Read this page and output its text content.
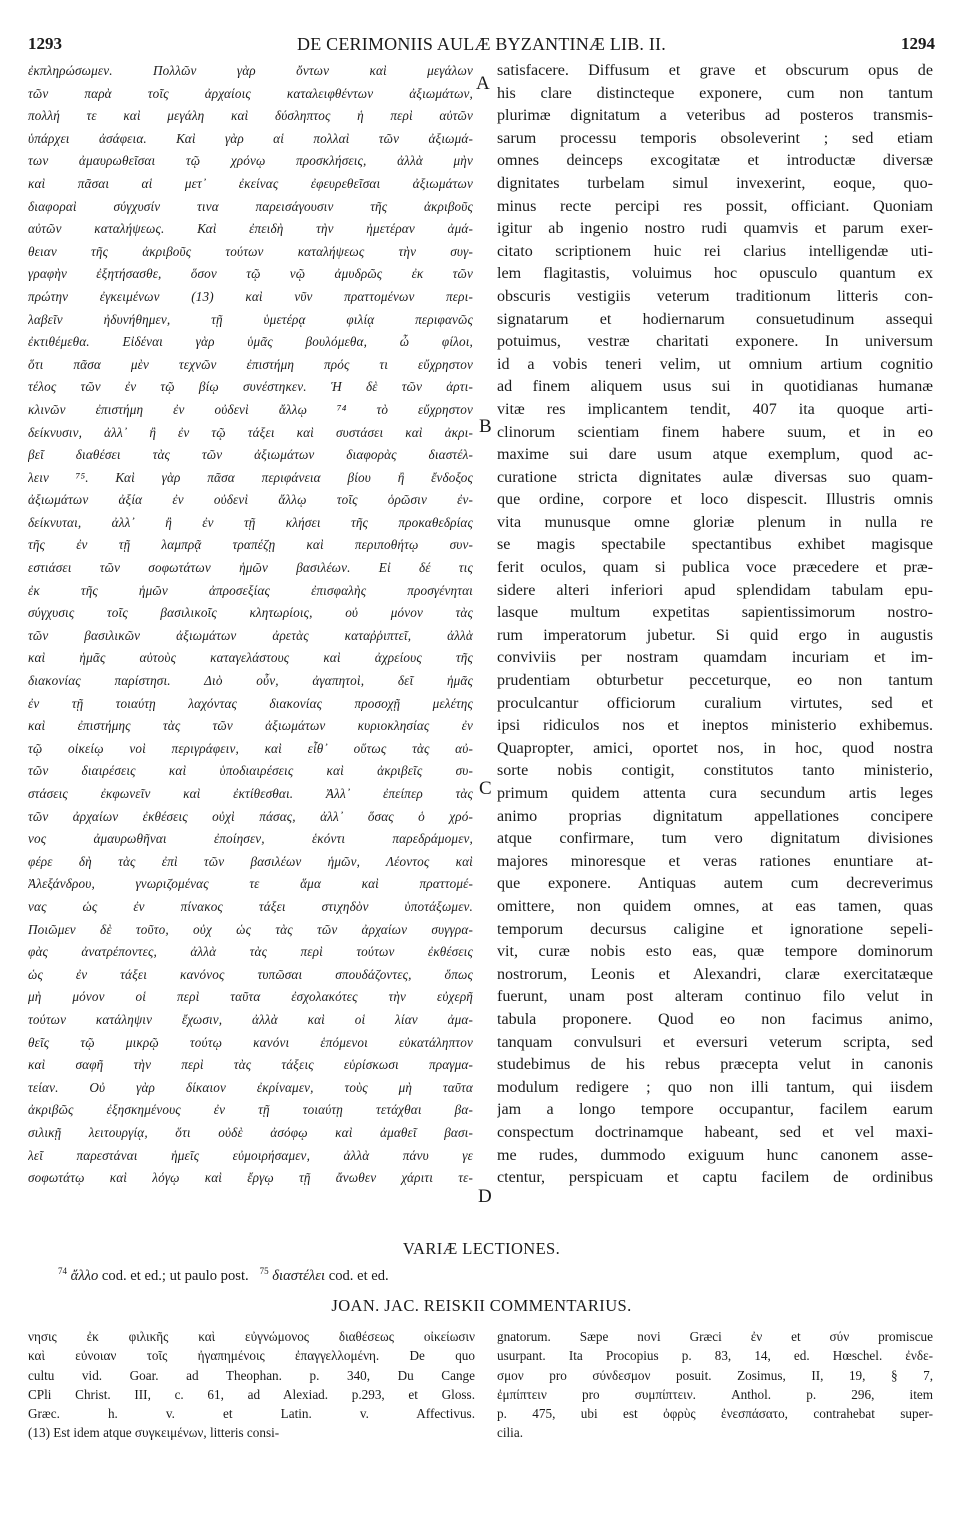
1293	DE CERIMONIIS AULÆ BYZANTINÆ LIB. II.	1294
ἐκπληρώσωμεν. Πολλῶν γὰρ ὄντων καὶ μεγάλων
τῶν παρὰ τοῖς ἀρχαίοις καταλειφθέντων ἀξιωμάτων,
πολλή τε καὶ μεγάλη καὶ δύσληπτος ἡ περὶ αὐτῶν
ὑπάρχει ἀσάφεια. Καὶ γὰρ αἱ πολλαὶ τῶν ἀξιωμά-
των ἀμαυρωθεῖσαι τῷ χρόνῳ προσκλήσεις, ἀλλὰ μὴν
καὶ πᾶσαι αἱ μετ᾽ ἐκείνας ἐφευρεθεῖσαι ἀξιωμάτων
διαφοραὶ σύγχυσίν τινα παρεισάγουσιν τῆς ἀκριβοῦς
αὐτῶν καταλήψεως. Καὶ ἐπειδὴ τὴν ἡμετέραν ἀμά-
θειαν τῆς ἀκριβοῦς τούτων καταλήψεως τὴν συγ-
γραφὴν ἐξητήσασθε, ὅσον τῷ νῷ ἀμυδρῶς ἐκ τῶν
πρώτην ἐγκειμένων (13) καὶ νῦν πραττομένων περι-
λαβεῖν ἠδυνήθημεν, τῇ ὑμετέρᾳ φιλίᾳ περιφανῶς
ἐκτιθέμεθα. Εἰδέναι γὰρ ὑμᾶς βουλόμεθα, ὦ φίλοι,
ὅτι πᾶσα μὲν τεχνῶν ἐπιστήμη πρός τι εὔχρηστον
τέλος τῶν ἐν τῷ βίῳ συνέστηκεν. Ἡ δὲ τῶν ἀρτι-
κλινῶν ἐπιστήμη ἐν οὐδενὶ ἄλλῳ ⁷⁴ τὸ εὔχρηστον
δείκνυσιν, ἀλλ᾽ ἢ ἐν τῷ τάξει καὶ συστάσει καὶ ἀκρι-
βεῖ διαθέσει τὰς τῶν ἀξιωμάτων διαφορὰς διαστέλ-
λειν ⁷⁵. Καὶ γὰρ πᾶσα περιφάνεια βίου ἢ ἔνδοξος
ἀξιωμάτων ἀξία ἐν οὐδενὶ ἄλλῳ τοῖς ὁρῶσιν ἐν-
δείκνυται, ἀλλ᾽ ἢ ἐν τῇ κλήσει τῆς προκαθεδρίας
τῆς ἐν τῇ λαμπρᾷ τραπέζῃ καὶ περιποθήτῳ συν-
εστιάσει τῶν σοφωτάτων ἡμῶν βασιλέων. Εἰ δέ τις
ἐκ τῆς ἡμῶν ἀπροσεξίας ἐπισφαλὴς προσγένηται
σύγχυσις τοῖς βασιλικοῖς κλητωρίοις, οὐ μόνον τὰς
τῶν βασιλικῶν ἀξιωμάτων ἀρετὰς καταῤῥιπτεῖ, ἀλλὰ
καὶ ἡμᾶς αὐτοὺς καταγελάστους καὶ ἀχρείους τῆς
διακονίας παρίστησι. Διὸ οὖν, ἀγαπητοὶ, δεῖ ἡμᾶς
ἐν τῇ τοιαύτῃ λαχόντας διακονίας προσοχῇ μελέτης
καὶ ἐπιστήμης τὰς τῶν ἀξιωμάτων κυριοκλησίας ἐν
τῷ οἰκείῳ νοὶ περιγράφειν, καὶ εἶθ᾽ οὕτως τὰς αὐ-
τῶν διαιρέσεις καὶ ὑποδιαιρέσεις καὶ ἀκριβεῖς συ-
στάσεις ἐκφωνεῖν καὶ ἐκτίθεσθαι. Ἀλλ᾽ ἐπείπερ τὰς
τῶν ἀρχαίων ἐκθέσεις οὐχὶ πάσας, ἀλλ᾽ ὅσας ὁ χρό-
νος ἀμαυρωθῆναι ἐποίησεν, ἑκόντι παρεδράμομεν,
φέρε δὴ τὰς ἐπὶ τῶν βασιλέων ἡμῶν, Λέοντος καὶ
Ἀλεξάνδρου, γνωριζομένας τε ἅμα καὶ πραττομέ-
νας ὡς ἐν πίνακος τάξει στιχηδὸν ὑποτάξωμεν.
Ποιῶμεν δὲ τοῦτο, οὐχ ὡς τὰς τῶν ἀρχαίων συγγρα-
φὰς ἀνατρέποντες, ἀλλὰ τὰς περὶ τούτων ἐκθέσεις
ὡς ἐν τάξει κανόνος τυπῶσαι σπουδάζοντες, ὅπως
μὴ μόνον οἱ περὶ ταῦτα ἐσχολακότες τὴν εὐχερῆ
τούτων κατάληψιν ἔχωσιν, ἀλλὰ καὶ οἱ λίαν ἀμα-
θεῖς τῷ μικρῷ τούτῳ κανόνι ἑπόμενοι εὐκατάληπτον
καὶ σαφῆ τὴν περὶ τὰς τάξεις εὑρίσκωσι πραγμα-
τείαν. Οὐ γὰρ δίκαιον ἐκρίναμεν, τοὺς μὴ ταῦτα
ἀκριβῶς ἐξησκημένους ἐν τῇ τοιαύτῃ τετάχθαι βα-
σιλικῇ λειτουργίᾳ, ὅτι οὐδὲ ἀσόφῳ καὶ ἀμαθεῖ βασι-
λεῖ παρεστάναι ἡμεῖς εὐμοιρήσαμεν, ἀλλὰ πάνυ γε
σοφωτάτῳ καὶ λόγῳ καὶ ἔργῳ τῇ ἄνωθεν χάριτι τε-
satisfacere. Diffusum et grave et obscurum opus de
his clare distincteque exponere, cum non tantum
plurimæ dignitatum a veteribus ad posteros transmis-
sarum processu temporis obsoleverint ; sed etiam
omnes deinceps excogitatæ et introductæ diversæ
dignitates turbelam simul invexerint, eoque, quo-
minus recte percipi res possit, officiant. Quoniam
igitur ab ingenio nostro rudi quamvis et parum exer-
citato scriptionem huic rei clarius intelligendæ uti-
lem flagitastis, voluimus hoc opusculo quantum ex
obscuris vestigiis veterum traditionum litteris con-
signatarum et hodiernarum consuetudinum assequi
potuimus, vestræ charitati exponere. In universum
id a vobis teneri velim, ut omnium artium cognitio
ad finem aliquem usus sui in quotidianas humanæ
vitæ res implicantem tendit, 407 ita quoque arti-
clinorum scientiam finem habere suum, et in eo
maxime sui dare usum atque exemplum, quod ac-
curatione stricta dignitates aulæ diversas suo quam-
que ordine, corpore et loco dispescit. Illustris omnis
vita munusque omne gloriæ plenum in nulla re
se magis spectabile spectantibus exhibet magisque
ferit oculos, quam si publica voce præcedere et præ-
sidere alteri inferiori apud splendidam tabulam epu-
lasque multum expetitas sapientissimorum nostro-
rum imperatorum jubetur. Si quid ergo in augustis
conviviis per nostram quamdam incuriam et im-
prudentiam obturbetur pecceturque, eo non tantum
proculcantur officiorum curalium virtutes, sed et
ipsi ridiculos nos et ineptos ministerio exhibemus.
Quapropter, amici, oportet nos, in hoc, quod nostra
sorte nobis contigit, constitutos tanto ministerio,
primum quidem attenta cura secundum artis leges
animo proprias dignitatum appellationes concipere
atque confirmare, tum vero dignitatum divisiones
majores minoresque et veras rationes enuntiare at-
que exponere. Antiquas autem cum decreverimus
omittere, non quidem omnes, at eas tamen, quas
temporum decursus caligine et ignoratione sepeli-
vit, curæ nobis esto eas, quæ tempore dominorum
nostrorum, Leonis et Alexandri, claræ exercitatæque
fuerunt, unam post alteram continuo filo velut in
tabula proponere. Quod eo non facimus animo,
tanquam convulsuri et eversuri veterum scripta, sed
studebimus de his rebus præcepta velut in canonis
modulum redigere ; quo non illi tantum, qui iisdem
jam a longo tempore occupantur, facilem earum
conspectum doctrinamque habeant, sed et vel maxi-
me rudes, dummodo exiguum hunc canonem asse-
ctentur, perspicuam et captu facilem de ordinibus
A
B
C
D
VARIÆ LECTIONES.
$^{74}$ ἄλλο cod. et ed.; ut paulo post. $^{75}$ διαστέλει cod. et ed.
JOAN. JAC. REISKII COMMENTARIUS.
νησις ἐκ φιλικῆς καὶ εὐγνώμονος διαθέσεως οἰκείωσιν
καὶ εὐνοιαν τοῖς ἠγαπημένοις ἐπαγγελλομένη. De quo
cultu vid. Goar. ad Theophan. p. 340, Du Cange
CPli Christ. III, c. 61, ad Alexiad. p.293, et Gloss.
Græc. h. v. et Latin. v. Affectivus.
(13) Est idem atque συγκειμένων, litteris consi-
gnatorum. Sæpe novi Græci ἐν et σύν promiscue
usurpant. Ita Procopius p. 83, 14, ed. Hœschel. ἐνδε-
σμον pro σύνδεσμον posuit. Zosimus, II, 19, § 7,
ἐμπίπτειν pro συμπίπτειν. Anthol. p. 296, item
p. 475, ubi est ὀφρὺς ἐνεσπάσατο, contrahebat super-
cilia.
